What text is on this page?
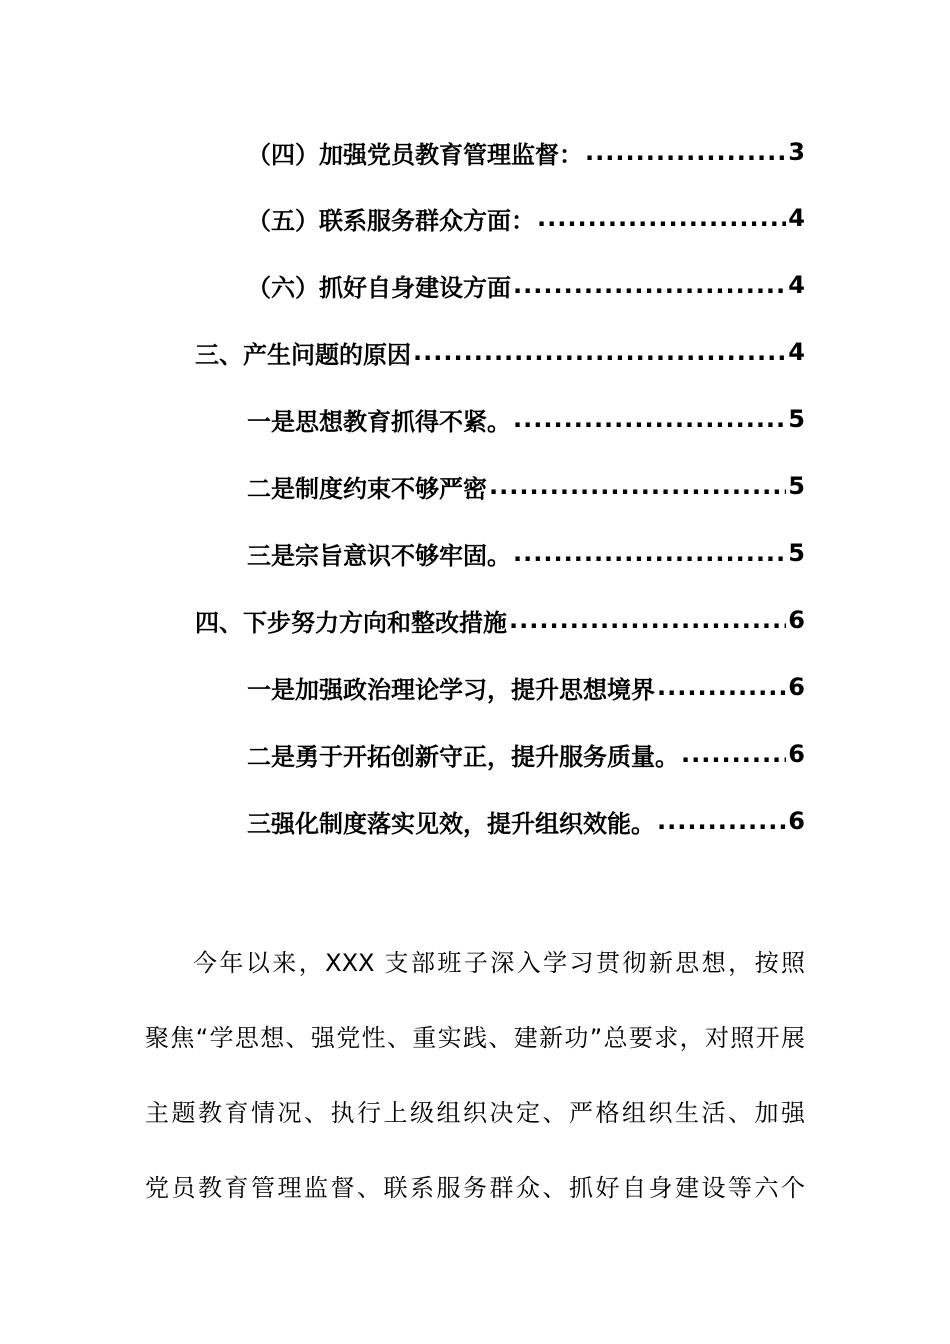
（四）加强党员教育管理监督： .....	3
（五）联系服务群众方面： .....	4
（六）抓好自身建设方面 .....	4
三、产生问题的原因 .....	4
一是思想教育抓得不紧。 .....	5
二是制度约束不够严密 .....	5
三是宗旨意识不够牢固。 .....	5
四、下步努力方向和整改措施 .....	6
一是加强政治理论学习，提升思想境界 .....	6
二是勇于开拓创新守正，提升服务质量。 .....	6
三强化制度落实见效，提升组织效能。 .....	6
今年以来，XXX 支部班子深入学习贯彻新思想，按照
聚焦“学思想、强党性、重实践、建新功”总要求，对照开展
主题教育情况、执行上级组织决定、严格组织生活、加强
党员教育管理监督、联系服务群众、抓好自身建设等六个
